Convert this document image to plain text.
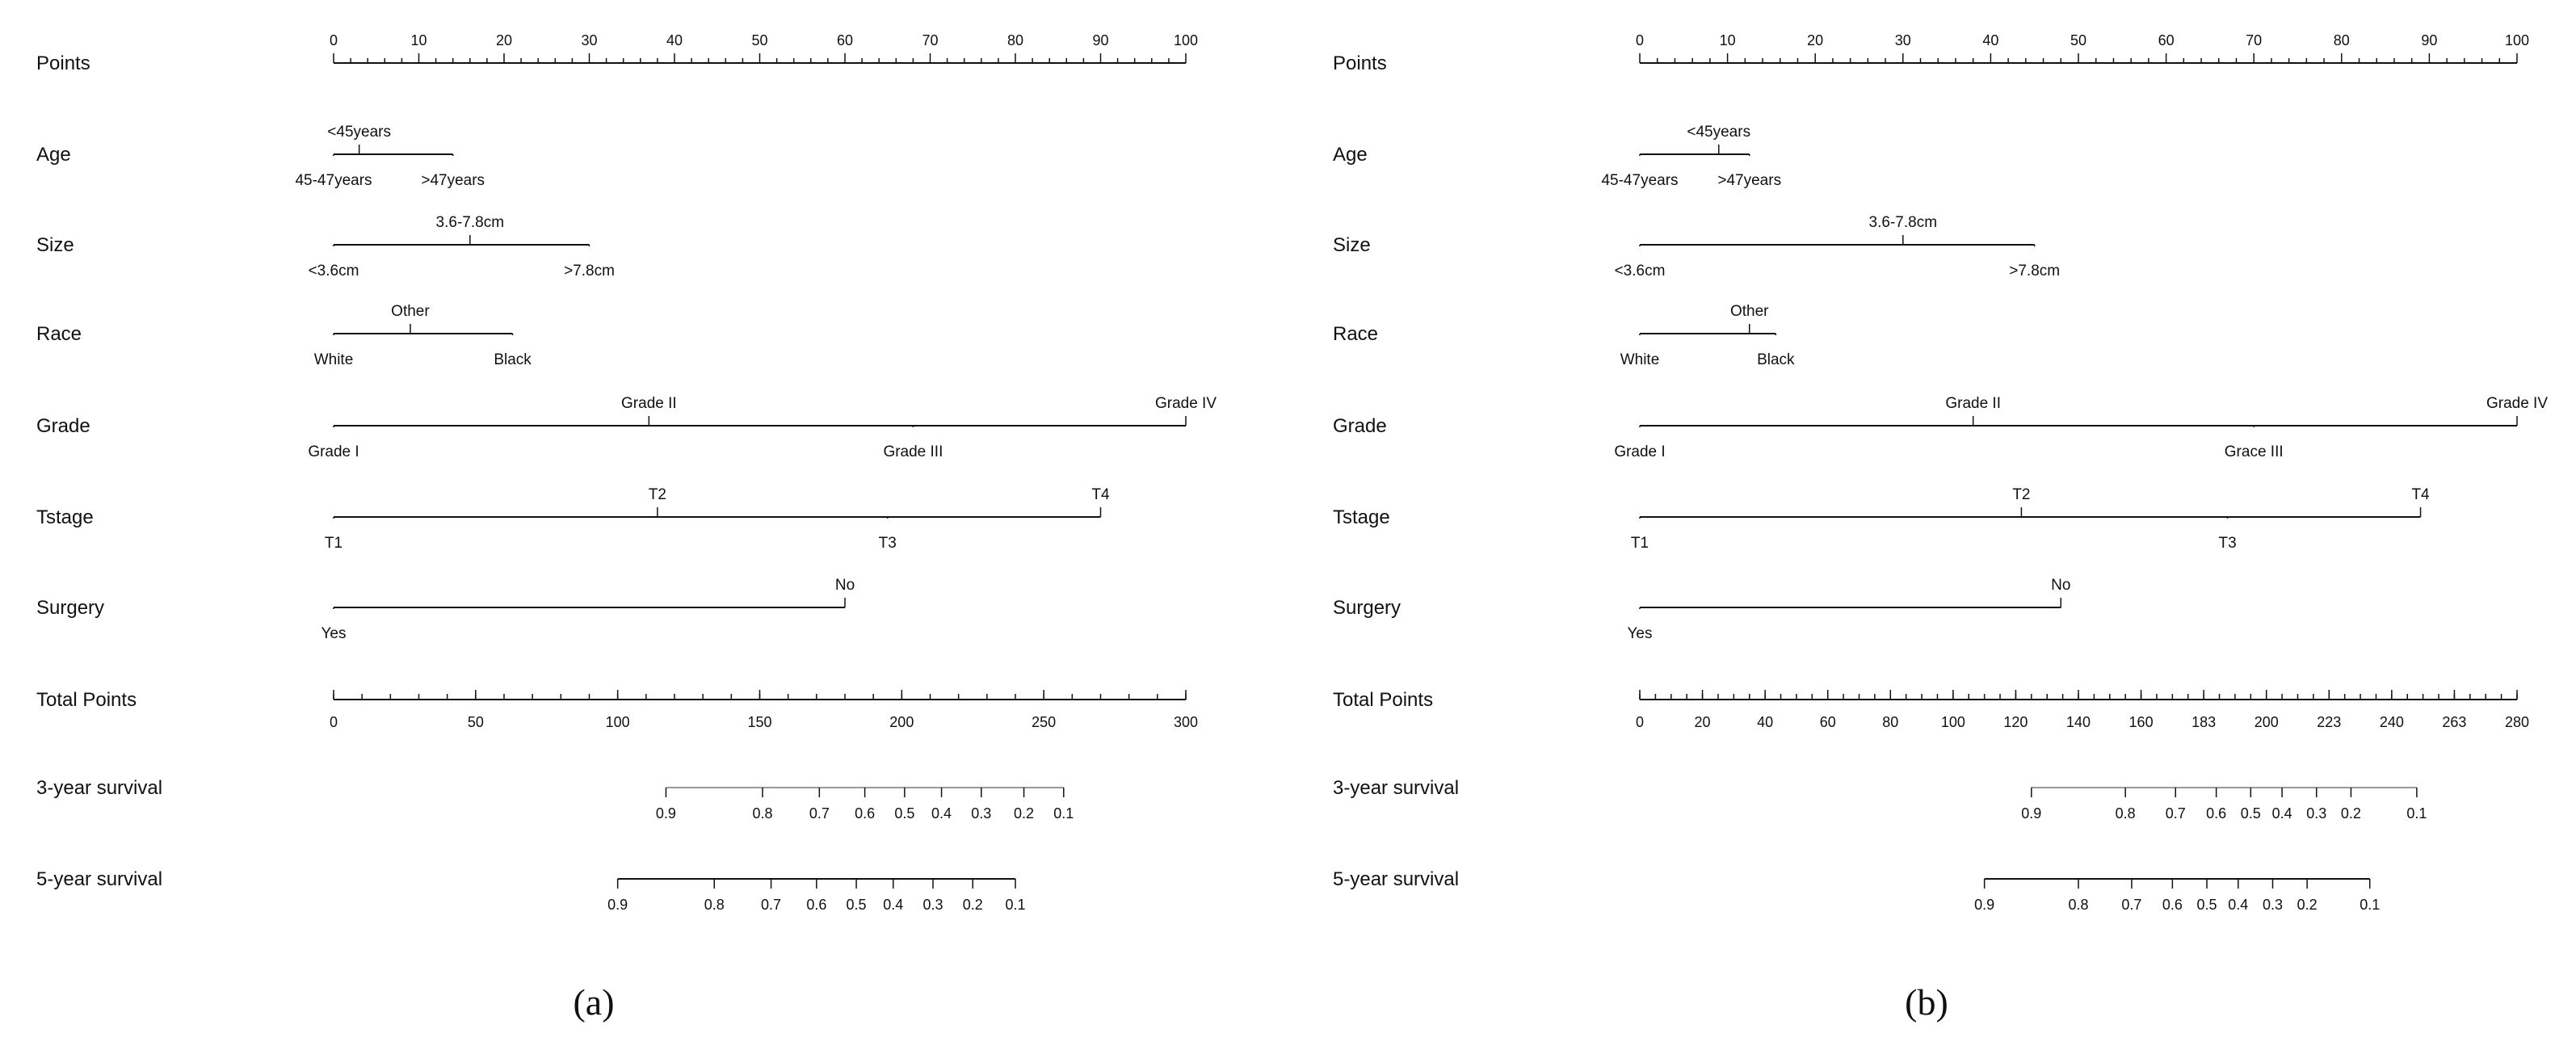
Points
0	10	20	30	40	50	60	70	80	90	100
Age
<45years
45-47years	>47years
Size
3.6-7.8cm
<3.6cm	>7.8cm
Race
Other
White	Black
Grade
Grade II	Grade IV
Grade I	Grade III
Tstage
T2	T4
T1	T3
Surgery
No
Yes
Total Points
0	50	100	150	200	250	300
3-year survival
0.9	0.8	0.7 0.6 0.5 0.4 0.3 0.2 0.1
5-year survival
0.9	0.8	0.7 0.6 0.5 0.4 0.3 0.2 0.1
(a)
Points
0	10	20	30	40	50	60	70	80	90	100
Age
<45years
45-47years	>47years
Size
3.6-7.8cm
<3.6cm	>7.8cm
Race
Other
White	Black
Grade
Grade II	Grade IV
Grade I	Grace III
Tstage
T2	T4
T1	T3
Surgery
No
Yes
Total Points
0	20	40	60	80	100	120	140	160	183	200	223	240	263	280
3-year survival
0.9	0.8 0.7 0.6 0.5 0.4 0.3 0.2	0.1
5-year survival
0.9	0.8 0.7 0.6 0.5 0.4 0.3 0.2	0.1
(b)
